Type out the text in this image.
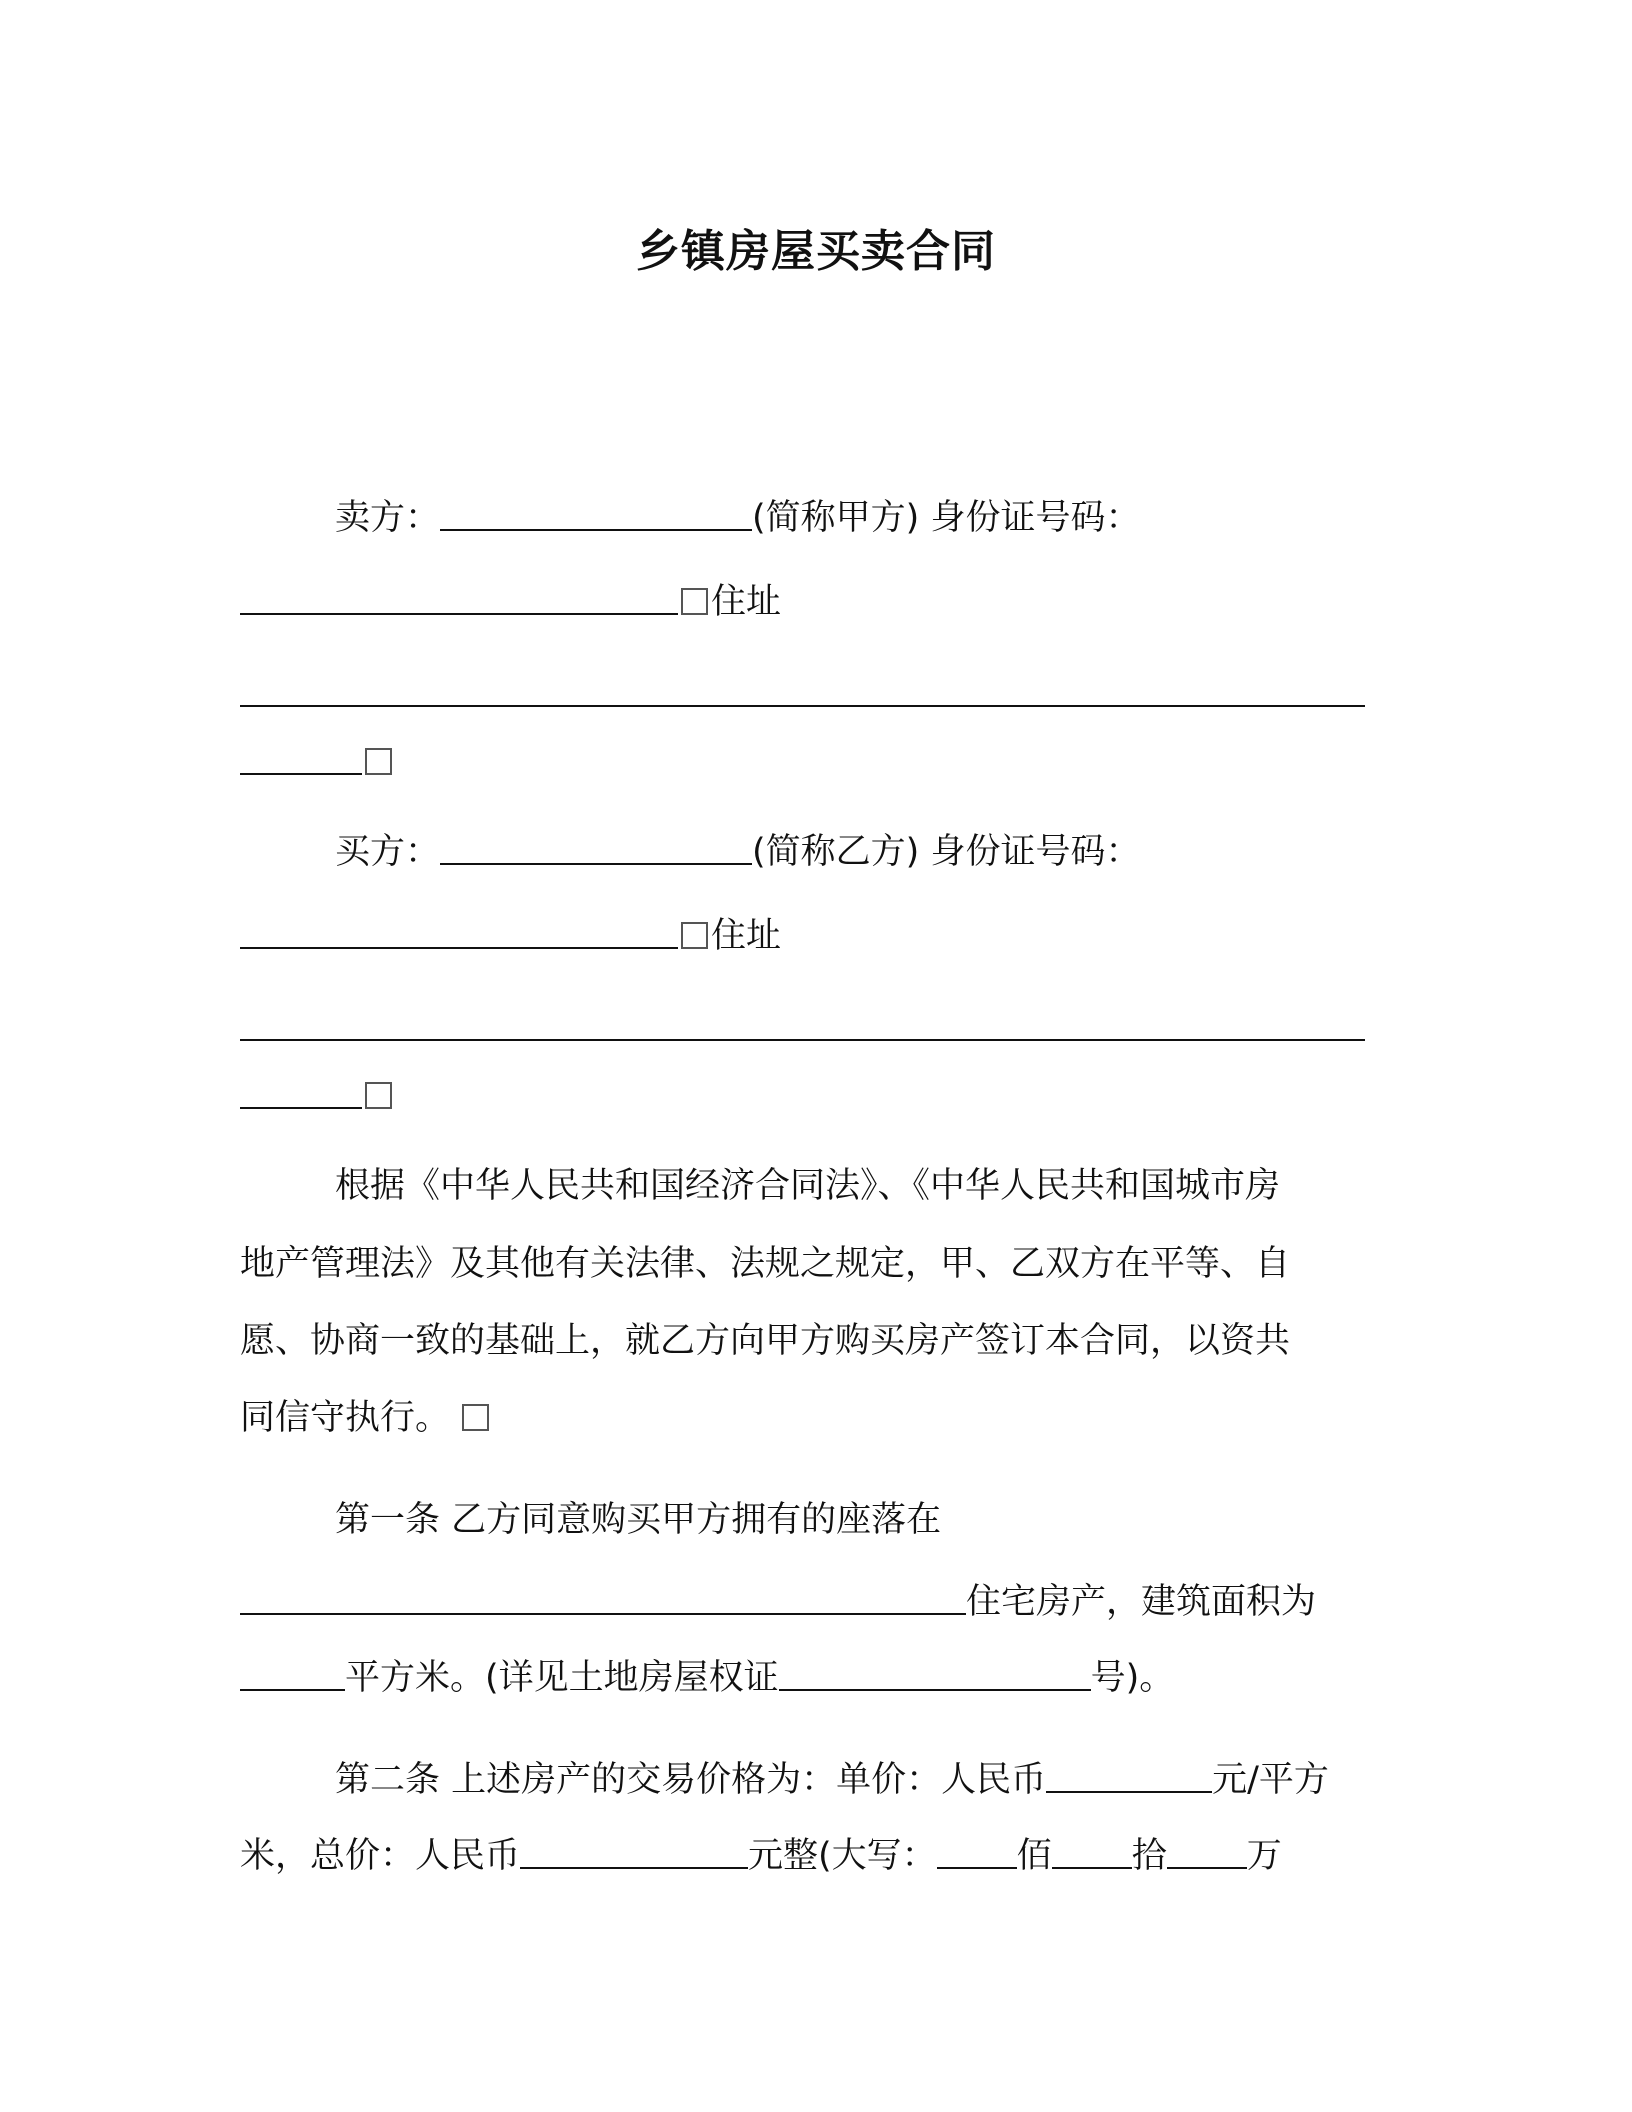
乡镇房屋买卖合同
卖方：	(简称甲方) 身份证号码：
住址
买方：	(简称乙方) 身份证号码：
住址
根据《中华人民共和国经济合同法》、《中华人民共和国城市房
地产管理法》及其他有关法律、法规之规定，甲、乙双方在平等、自
愿、协商一致的基础上，就乙方向甲方购买房产签订本合同，以资共
同信守执行。
第一条 乙方同意购买甲方拥有的座落在
住宅房产，建筑面积为
平方米。(详见土地房屋权证	号)。
第二条 上述房产的交易价格为：单价：人民币	元/平方
米，总价：人民币	元整(大写： 佰 拾 万
